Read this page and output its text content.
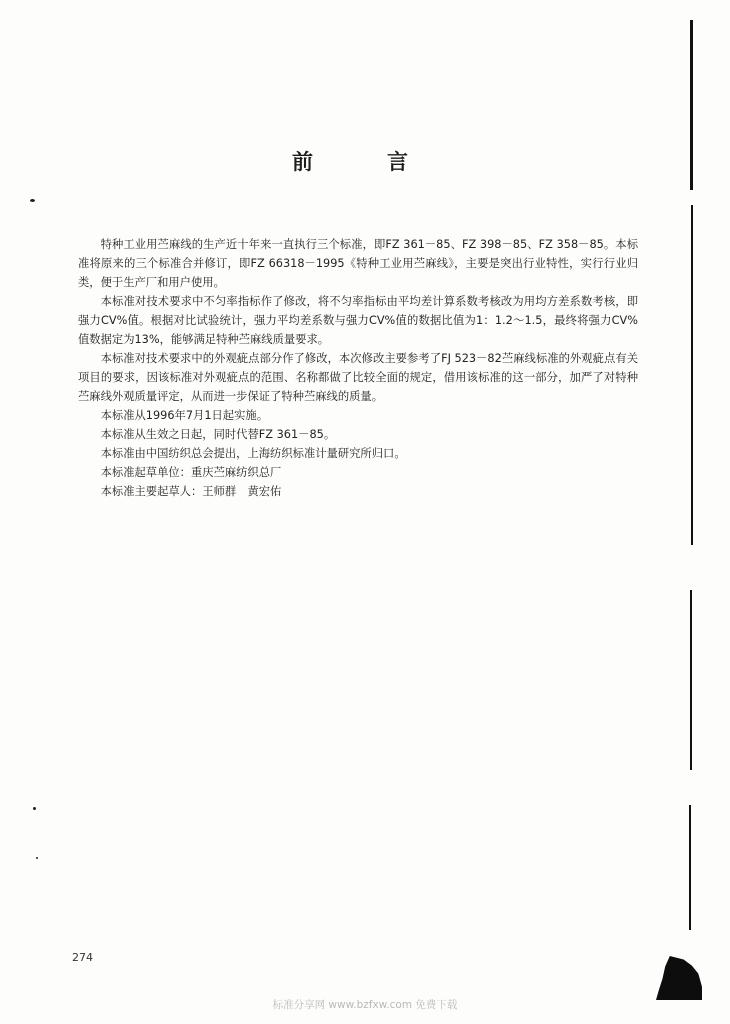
前	言

特种工业用苎麻线的生产近十年来一直执行三个标准，即FZ 361－85、FZ 398－85、FZ 358－85。本标准将原来的三个标准合并修订，即FZ 66318－1995《特种工业用苎麻线》，主要是突出行业特性，实行行业归类，便于生产厂和用户使用。

本标准对技术要求中不匀率指标作了修改，将不匀率指标由平均差计算系数考核改为用均方差系数考核，即强力CV%值。根据对比试验统计，强力平均差系数与强力CV%值的数据比值为1：1.2～1.5，最终将强力CV%值数据定为13%，能够满足特种苎麻线质量要求。

本标准对技术要求中的外观疵点部分作了修改，本次修改主要参考了FJ 523－82苎麻线标准的外观疵点有关项目的要求，因该标准对外观疵点的范围、名称都做了比较全面的规定，借用该标准的这一部分，加严了对特种苎麻线外观质量评定，从而进一步保证了特种苎麻线的质量。

本标准从1996年7月1日起实施。

本标准从生效之日起，同时代替FZ 361－85。

本标准由中国纺织总会提出，上海纺织标准计量研究所归口。

本标准起草单位：重庆苎麻纺织总厂

本标准主要起草人：王师群　黄宏佑

274
标准分享网 www.bzfxw.com 免费下载
